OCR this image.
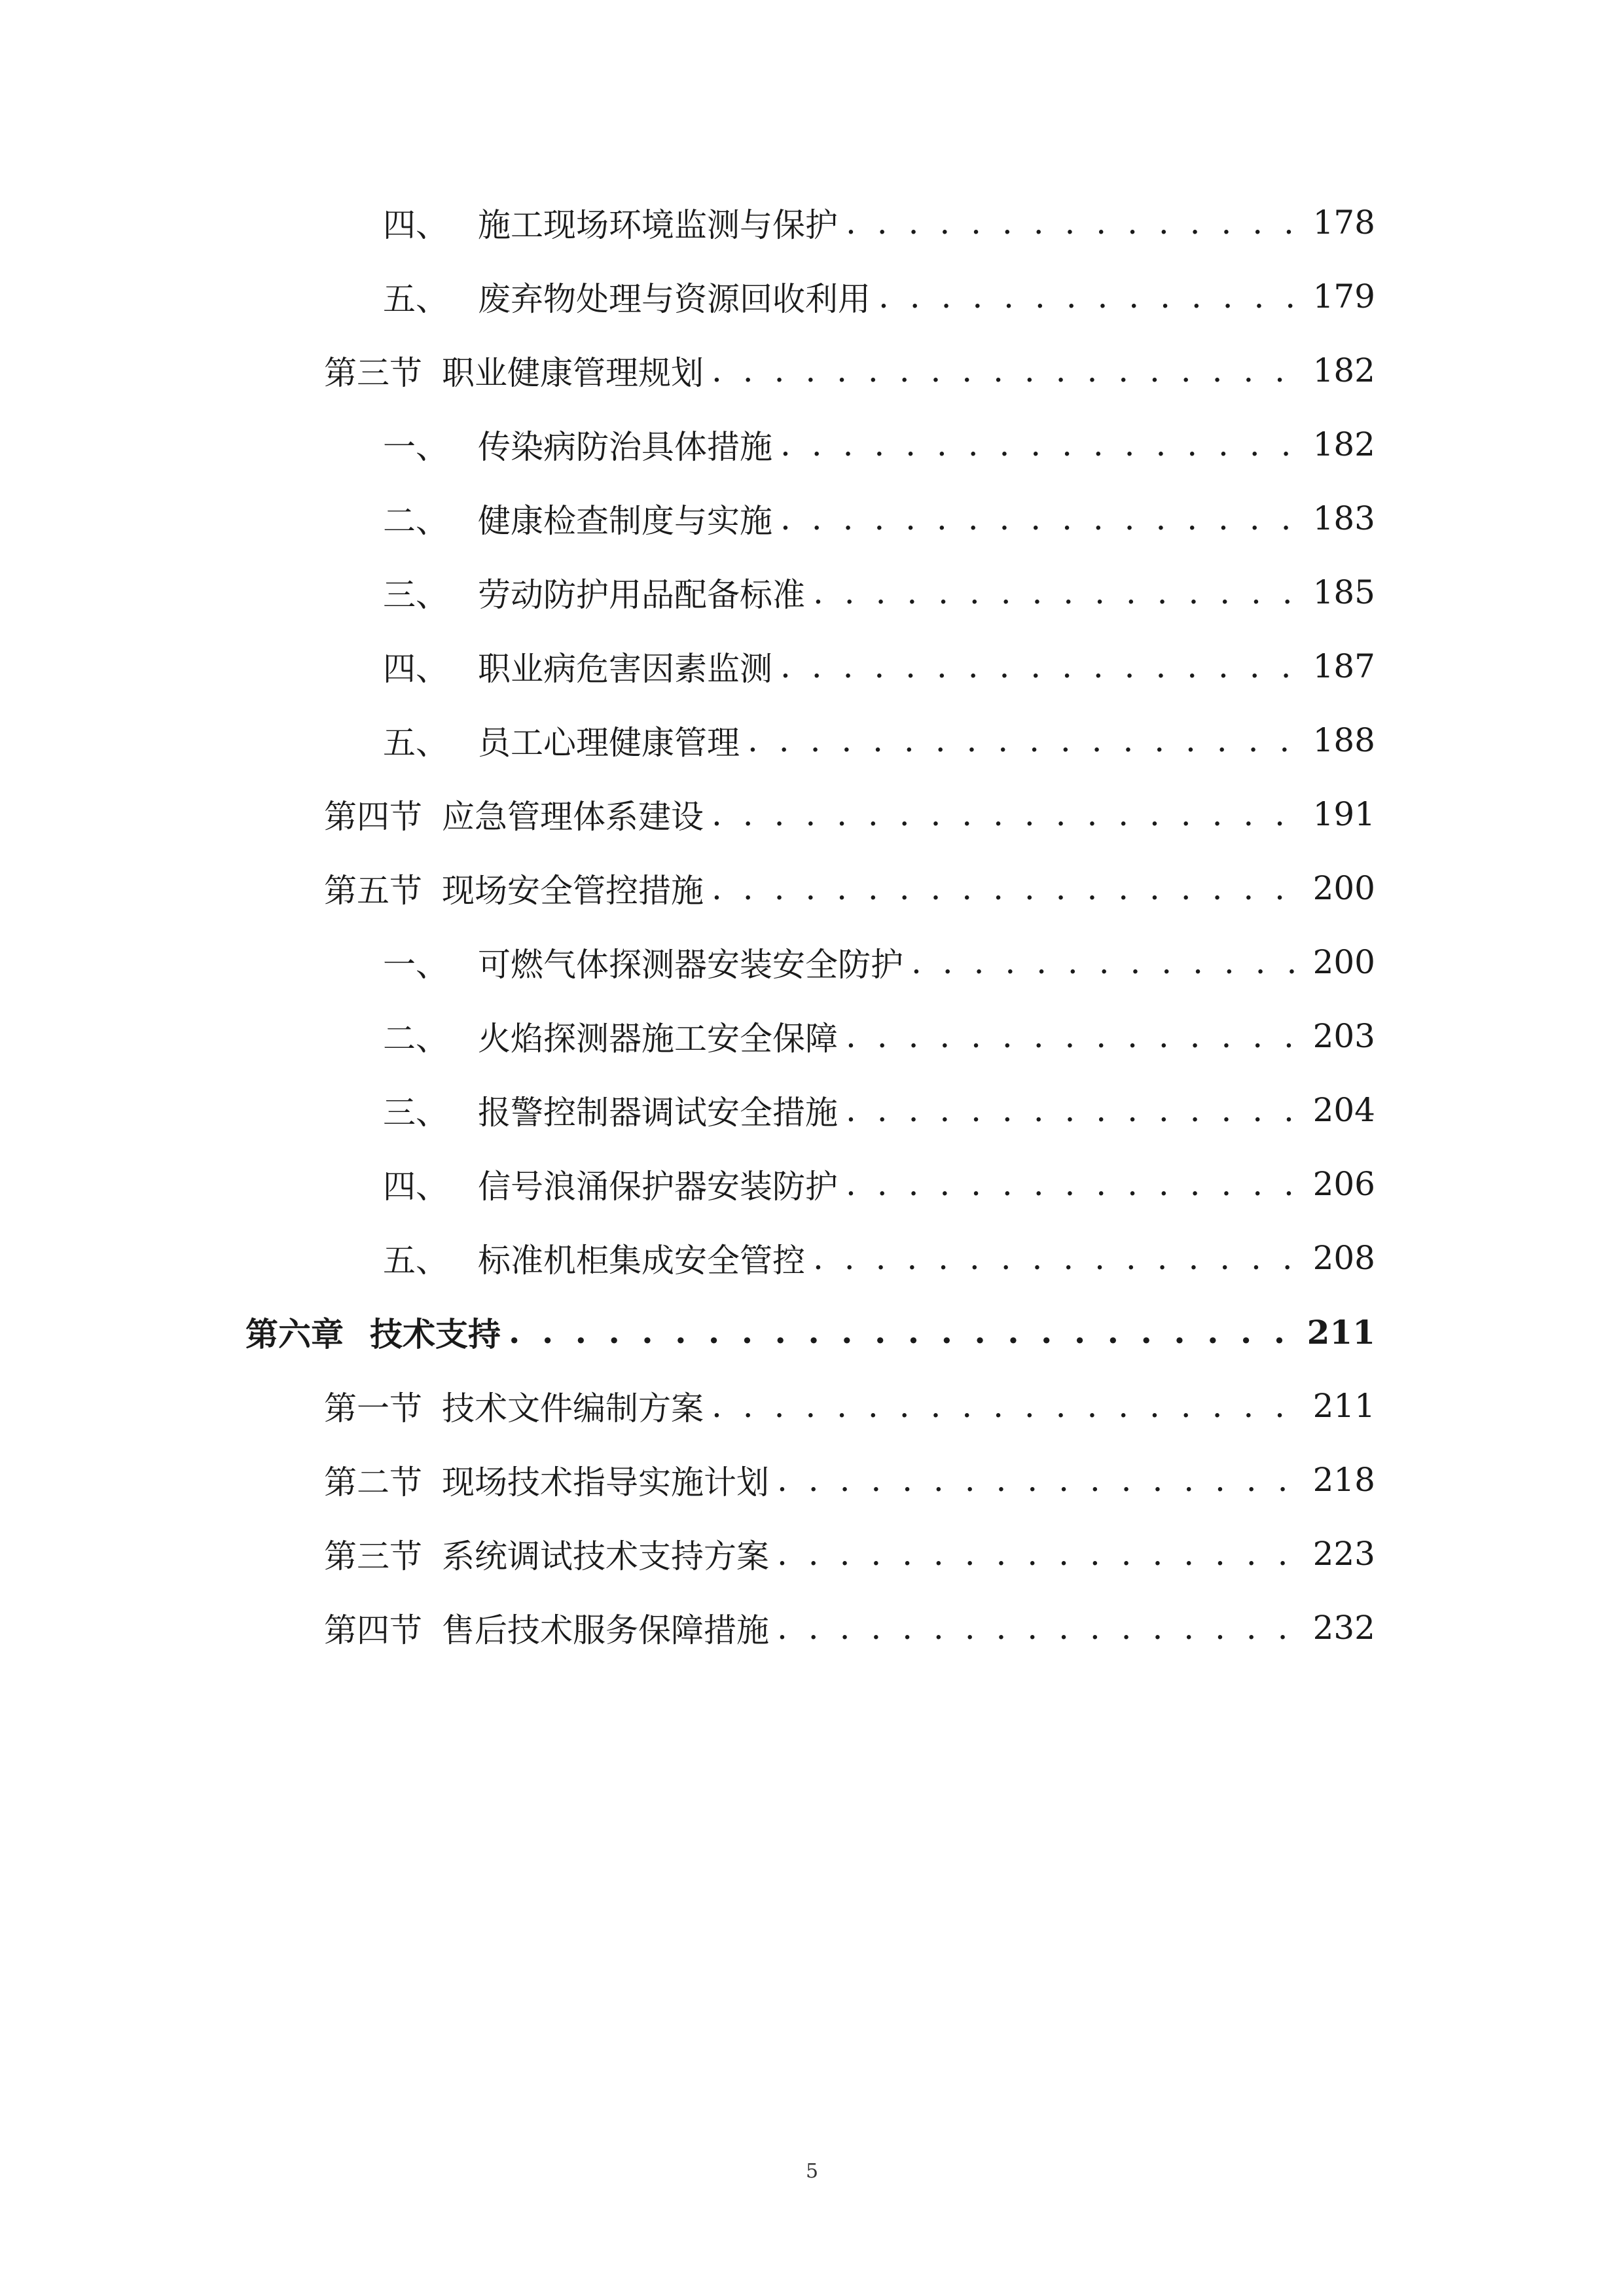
四、 施工现场环境监测与保护 . . .	178
五、 废弃物处理与资源回收利用 . . .	179
第三节 职业健康管理规划 . . .	182
一、 传染病防治具体措施 . . .	182
二、 健康检查制度与实施 . . .	183
三、 劳动防护用品配备标准 . . .	185
四、 职业病危害因素监测 . . .	187
五、 员工心理健康管理 . . .	188
第四节 应急管理体系建设 . . .	191
第五节 现场安全管控措施 . . .	200
一、 可燃气体探测器安装安全防护 . . .	200
二、 火焰探测器施工安全保障 . . .	203
三、 报警控制器调试安全措施 . . .	204
四、 信号浪涌保护器安装防护 . . .	206
五、 标准机柜集成安全管控 . . .	208
第六章 技术支持 . . .	211
第一节 技术文件编制方案 . . .	211
第二节 现场技术指导实施计划 . . .	218
第三节 系统调试技术支持方案 . . .	223
第四节 售后技术服务保障措施 . . .	232
5
